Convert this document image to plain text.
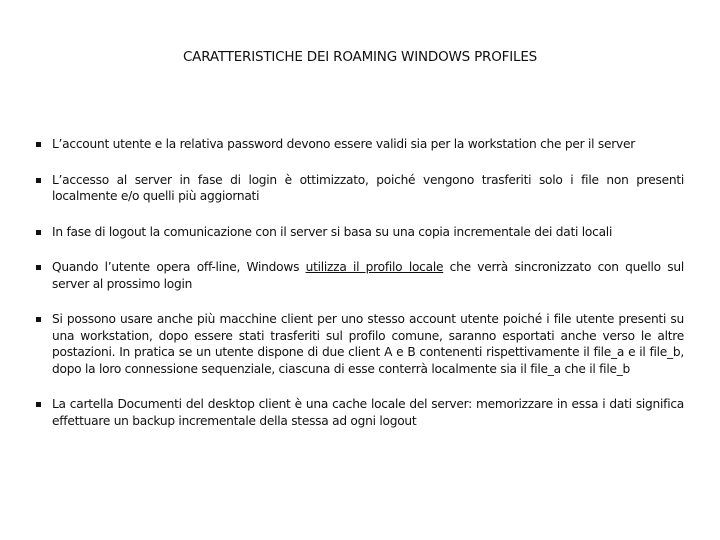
CARATTERISTICHE DEI ROAMING WINDOWS PROFILES
L’account utente e la relativa password devono essere validi sia per la workstation che per il server
L’accesso al server in fase di login è ottimizzato, poiché vengono trasferiti solo i file non presenti localmente e/o quelli più aggiornati
In fase di logout la comunicazione con il server si basa su una copia incrementale dei dati locali
Quando l’utente opera off-line, Windows utilizza il profilo locale che verrà sincronizzato con quello sul server al prossimo login
Si possono usare anche più macchine client per uno stesso account utente poiché i file utente presenti su una workstation, dopo essere stati trasferiti sul profilo comune, saranno esportati anche verso le altre postazioni. In pratica se un utente dispone di due client A e B contenenti rispettivamente il file_a e il file_b, dopo la loro connessione sequenziale, ciascuna di esse conterrà localmente sia il file_a che il file_b
La cartella Documenti del desktop client è una cache locale del server: memorizzare in essa i dati significa effettuare un backup incrementale della stessa ad ogni logout
